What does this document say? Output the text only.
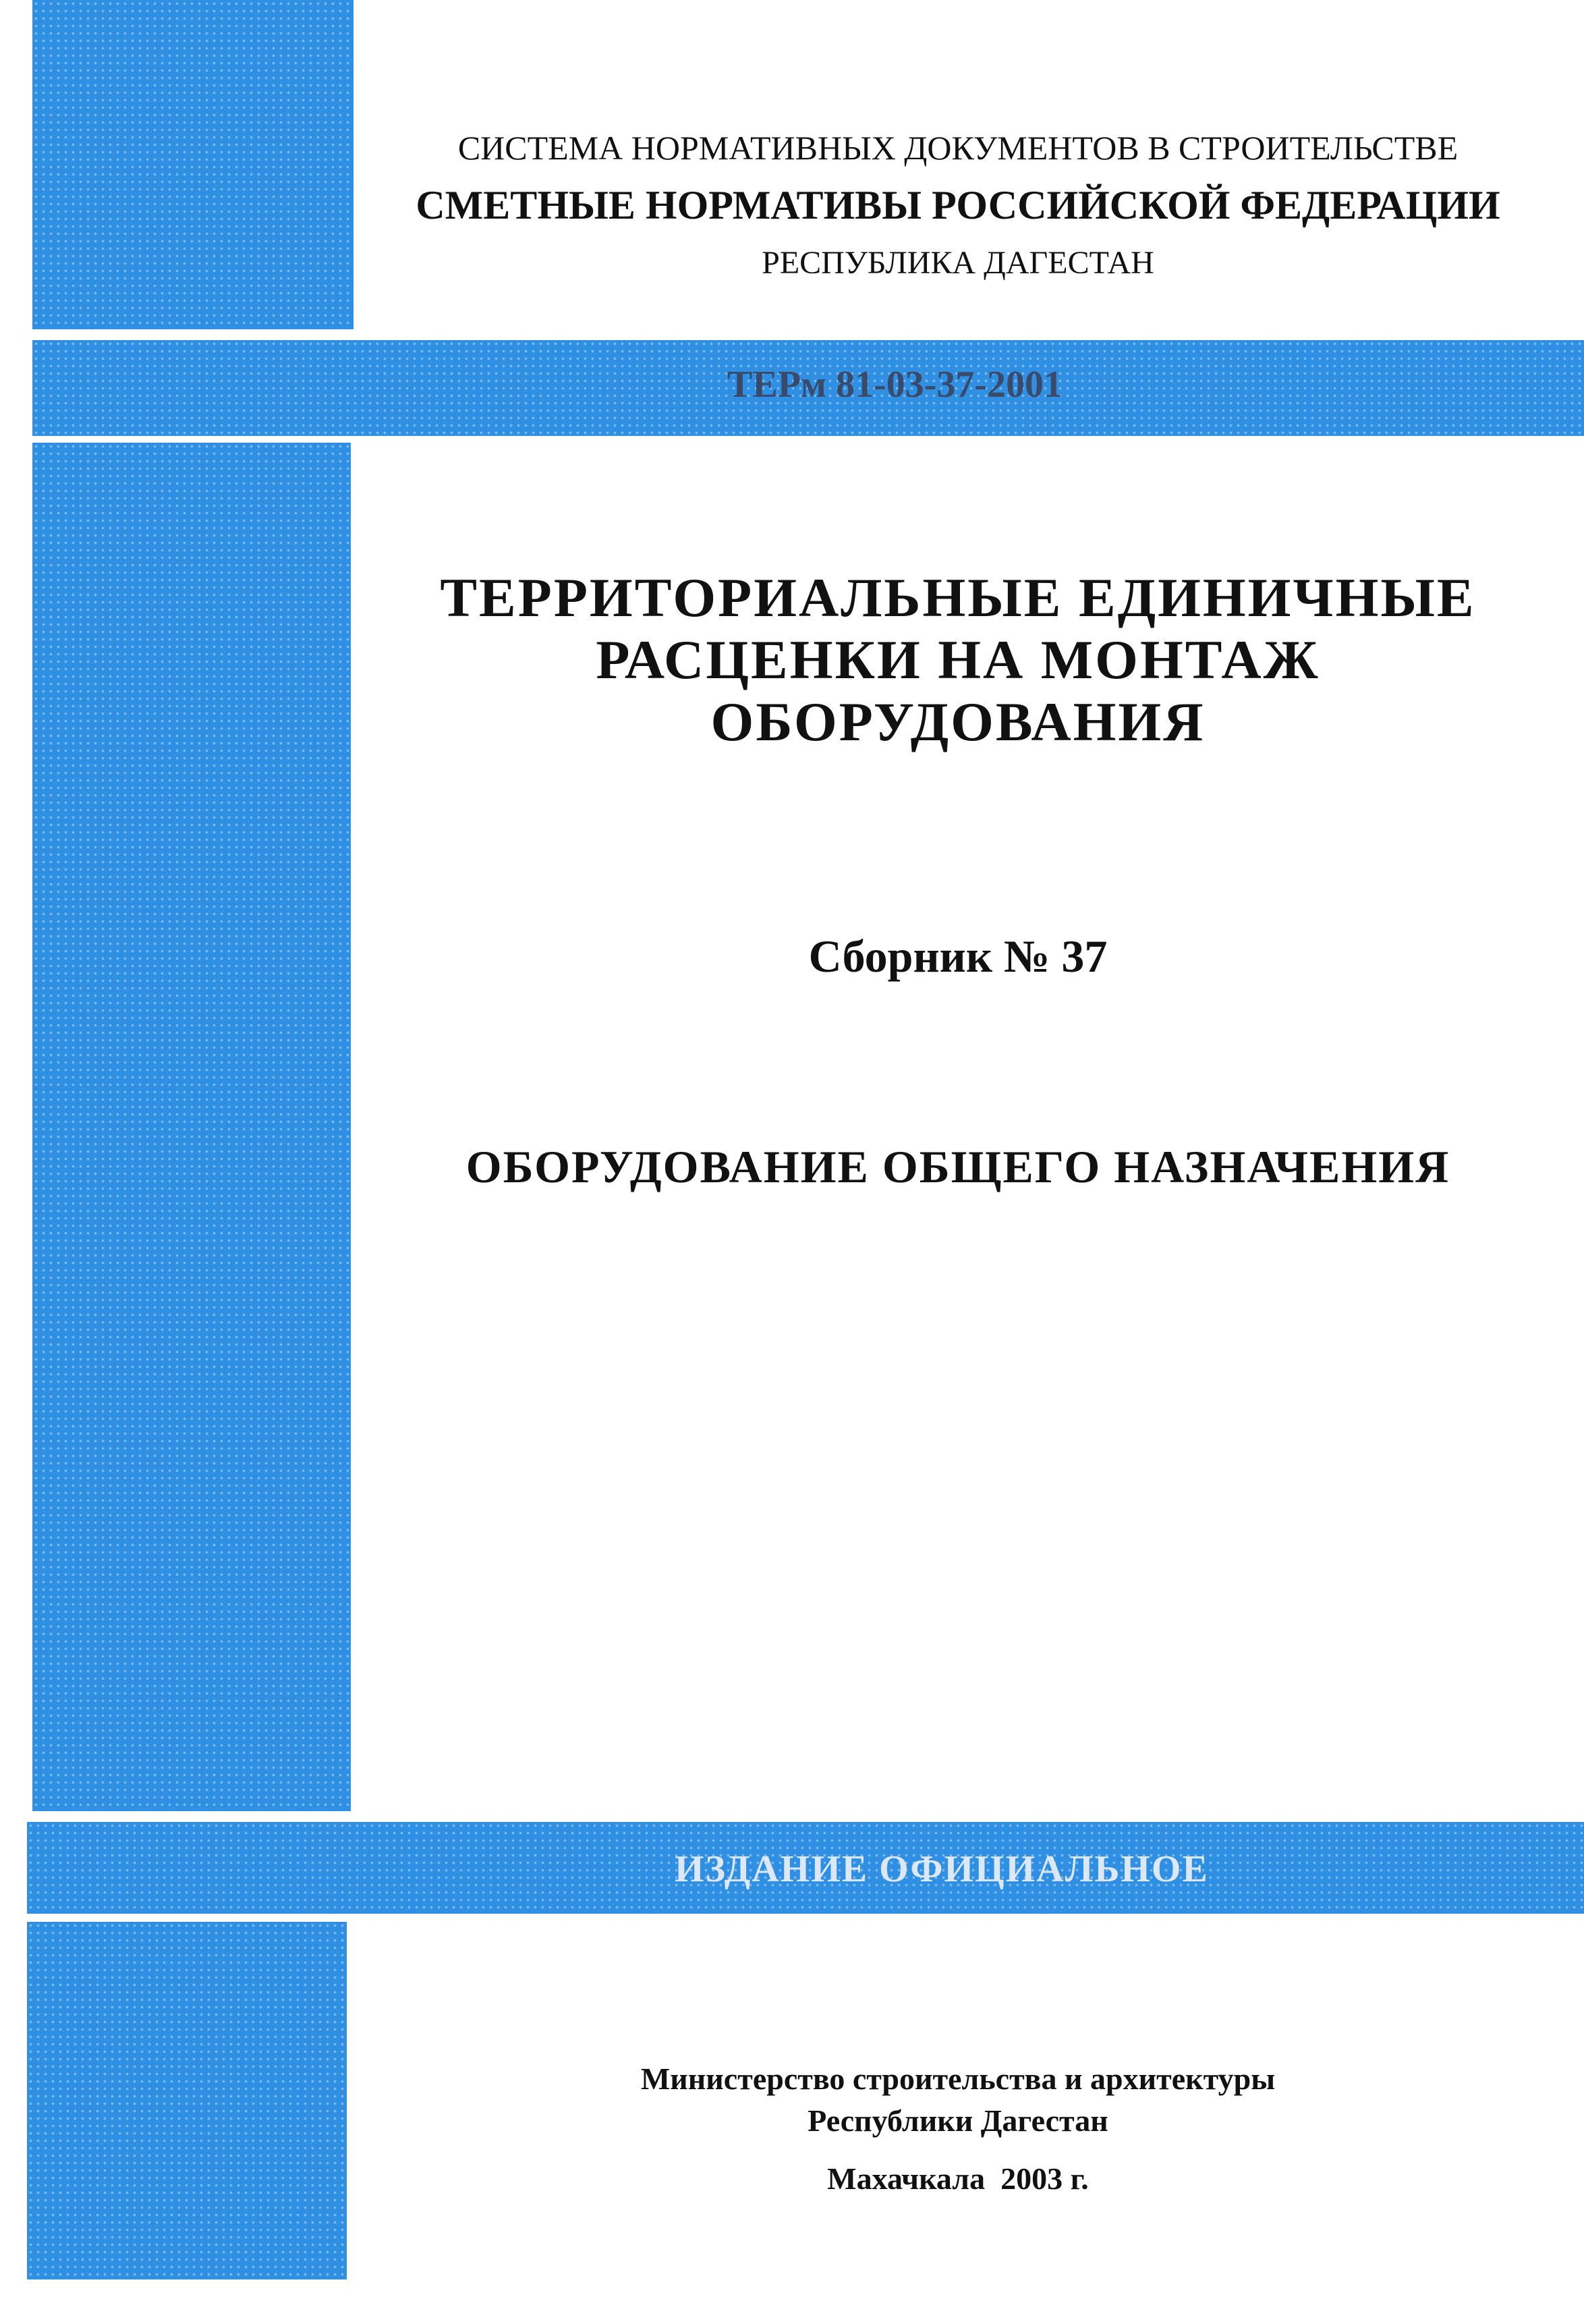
СИСТЕМА НОРМАТИВНЫХ ДОКУМЕНТОВ В СТРОИТЕЛЬСТВЕ
СМЕТНЫЕ НОРМАТИВЫ РОССИЙСКОЙ ФЕДЕРАЦИИ
РЕСПУБЛИКА ДАГЕСТАН
ТЕРм 81-03-37-2001
ТЕРРИТОРИАЛЬНЫЕ ЕДИНИЧНЫЕ
РАСЦЕНКИ НА МОНТАЖ
ОБОРУДОВАНИЯ
Сборник № 37
ОБОРУДОВАНИЕ ОБЩЕГО НАЗНАЧЕНИЯ
ИЗДАНИЕ ОФИЦИАЛЬНОЕ
Министерство строительства и архитектуры
Республики Дагестан
Махачкала  2003 г.
